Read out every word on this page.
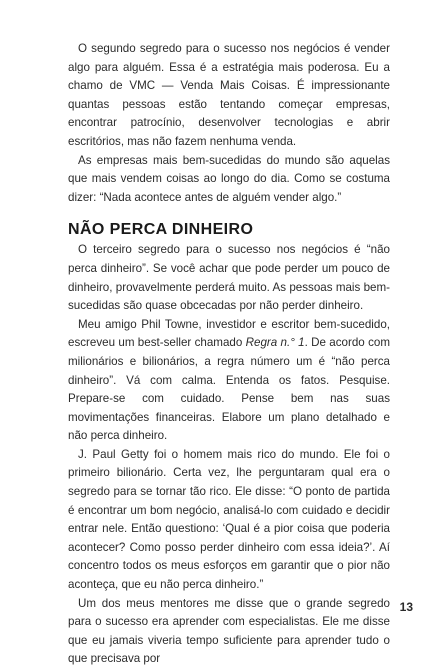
O segundo segredo para o sucesso nos negócios é vender algo para alguém. Essa é a estratégia mais poderosa. Eu a chamo de VMC — Venda Mais Coisas. É impressionante quantas pessoas estão tentando começar empresas, encontrar patrocínio, desenvolver tecnologias e abrir escritórios, mas não fazem nenhuma venda.

As empresas mais bem-sucedidas do mundo são aquelas que mais vendem coisas ao longo do dia. Como se costuma dizer: “Nada acontece antes de alguém vender algo.”

NÃO PERCA DINHEIRO

O terceiro segredo para o sucesso nos negócios é “não perca dinheiro”. Se você achar que pode perder um pouco de dinheiro, provavelmente perderá muito. As pessoas mais bem-sucedidas são quase obcecadas por não perder dinheiro.

Meu amigo Phil Towne, investidor e escritor bem-sucedido, escreveu um best-seller chamado Regra n.° 1. De acordo com milionários e bilionários, a regra número um é “não perca dinheiro”. Vá com calma. Entenda os fatos. Pesquise. Prepare-se com cuidado. Pense bem nas suas movimentações financeiras. Elabore um plano detalhado e não perca dinheiro.

J. Paul Getty foi o homem mais rico do mundo. Ele foi o primeiro bilionário. Certa vez, lhe perguntaram qual era o segredo para se tornar tão rico. Ele disse: “O ponto de partida é encontrar um bom negócio, analisá-lo com cuidado e decidir entrar nele. Então questiono: ‘Qual é a pior coisa que poderia acontecer? Como posso perder dinheiro com essa ideia?’. Aí concentro todos os meus esforços em garantir que o pior não aconteça, que eu não perca dinheiro.”

Um dos meus mentores me disse que o grande segredo para o sucesso era aprender com especialistas. Ele me disse que eu jamais viveria tempo suficiente para aprender tudo o que precisava por

13
